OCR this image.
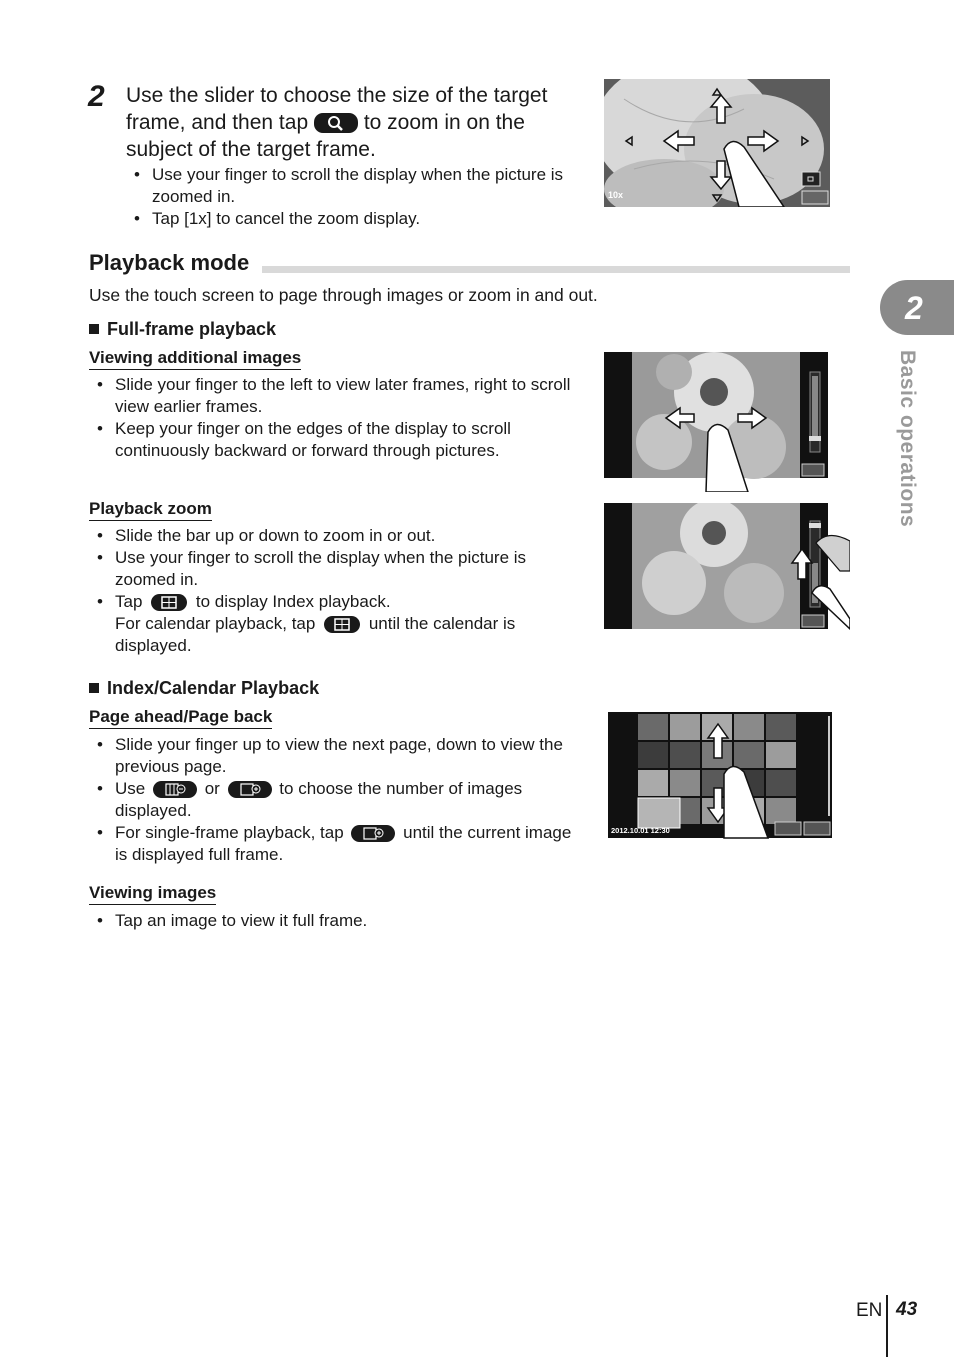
2 Use the slider to choose the size of the target frame, and then tap	to zoom in on the subject of the target frame.
• Use your finger to scroll the display when the picture is zoomed in.
• Tap [1x] to cancel the zoom display.
10x
Playback mode
Use the touch screen to page through images or zoom in and out.
Full-frame playback
Viewing additional images
• Slide your finger to the left to view later frames, right to scroll view earlier frames.
• Keep your finger on the edges of the display to scroll continuously backward or forward through pictures.
Playback zoom
• Slide the bar up or down to zoom in or out.
• Use your finger to scroll the display when the picture is zoomed in.
• Tap	to display Index playback.
For calendar playback, tap	until the calendar is displayed.
Index/Calendar Playback
Page ahead/Page back
• Slide your finger up to view the next page, down to view the previous page.
• Use	or	to choose the number of images displayed.
• For single-frame playback, tap	until the current image is displayed full frame.
2012.10.01 12:30
Viewing images
• Tap an image to view it full frame.
2
Basic operations
EN 43
